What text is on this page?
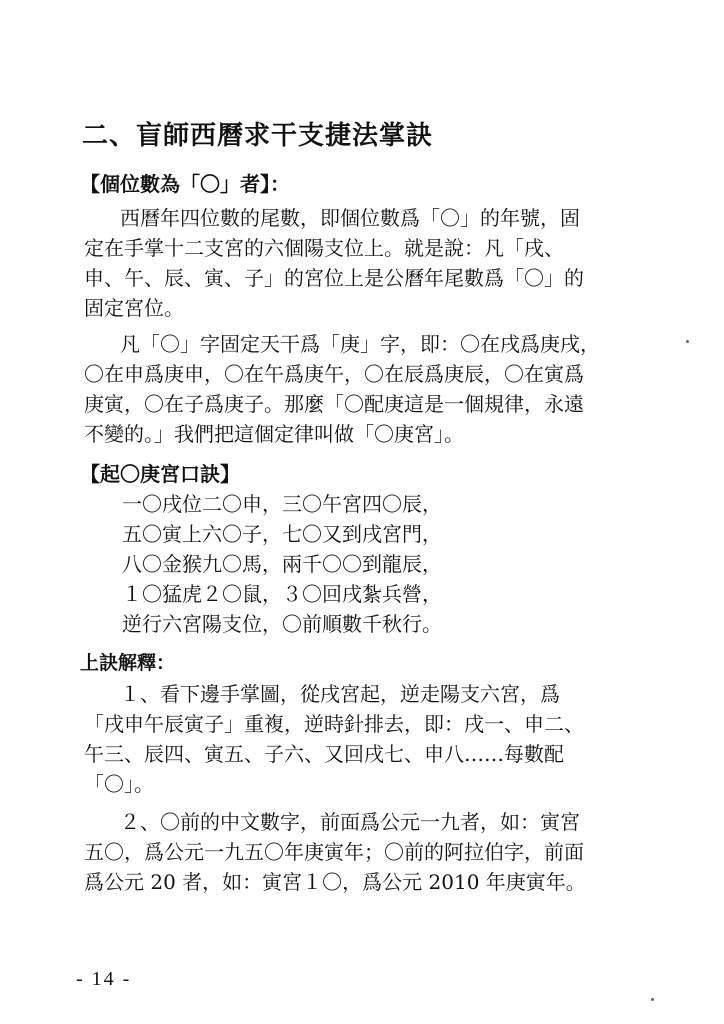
二、盲師西曆求干支捷法掌訣
【個位數為「〇」者】：
西曆年四位數的尾數，即個位數爲「〇」的年號，固
定在手掌十二支宮的六個陽支位上。就是說：凡「戌、
申、午、辰、寅、子」的宮位上是公曆年尾數爲「〇」的
固定宮位。
凡「〇」字固定天干爲「庚」字，即：〇在戌爲庚戌，
〇在申爲庚申，〇在午爲庚午，〇在辰爲庚辰，〇在寅爲
庚寅，〇在子爲庚子。那麼「〇配庚這是一個規律，永遠
不變的。」我們把這個定律叫做「〇庚宮」。
【起〇庚宮口訣】
一〇戌位二〇申，三〇午宮四〇辰，
五〇寅上六〇子，七〇又到戌宮門，
八〇金猴九〇馬，兩千〇〇到龍辰，
１〇猛虎２〇鼠，３〇回戌紮兵營，
逆行六宮陽支位，〇前順數千秋行。
上訣解釋：
１、看下邊手掌圖，從戌宮起，逆走陽支六宮，爲
「戌申午辰寅子」重複，逆時針排去，即：戌一、申二、
午三、辰四、寅五、子六、又回戌七、申八……每數配
「〇」。
２、〇前的中文數字，前面爲公元一九者，如：寅宮
五〇，爲公元一九五〇年庚寅年；〇前的阿拉伯字，前面
爲公元 20 者，如：寅宮１〇，爲公元 2010 年庚寅年。
- 14 -
